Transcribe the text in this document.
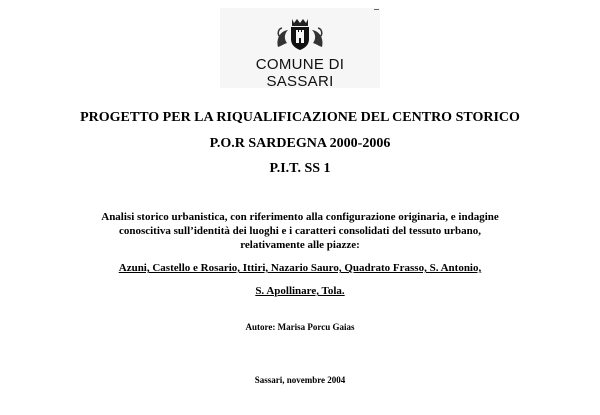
COMUNE DI SASSARI
PROGETTO PER LA RIQUALIFICAZIONE DEL CENTRO STORICO
P.O.R SARDEGNA 2000-2006
P.I.T. SS 1
Analisi storico urbanistica, con riferimento alla configurazione originaria, e indagine
conoscitiva sull’identità dei luoghi e i caratteri consolidati del tessuto urbano,
relativamente alle piazze:
Azuni, Castello e Rosario, Ittiri, Nazario Sauro, Quadrato Frasso, S. Antonio,
S. Apollinare, Tola.
Autore: Marisa Porcu Gaias
Sassari, novembre 2004
